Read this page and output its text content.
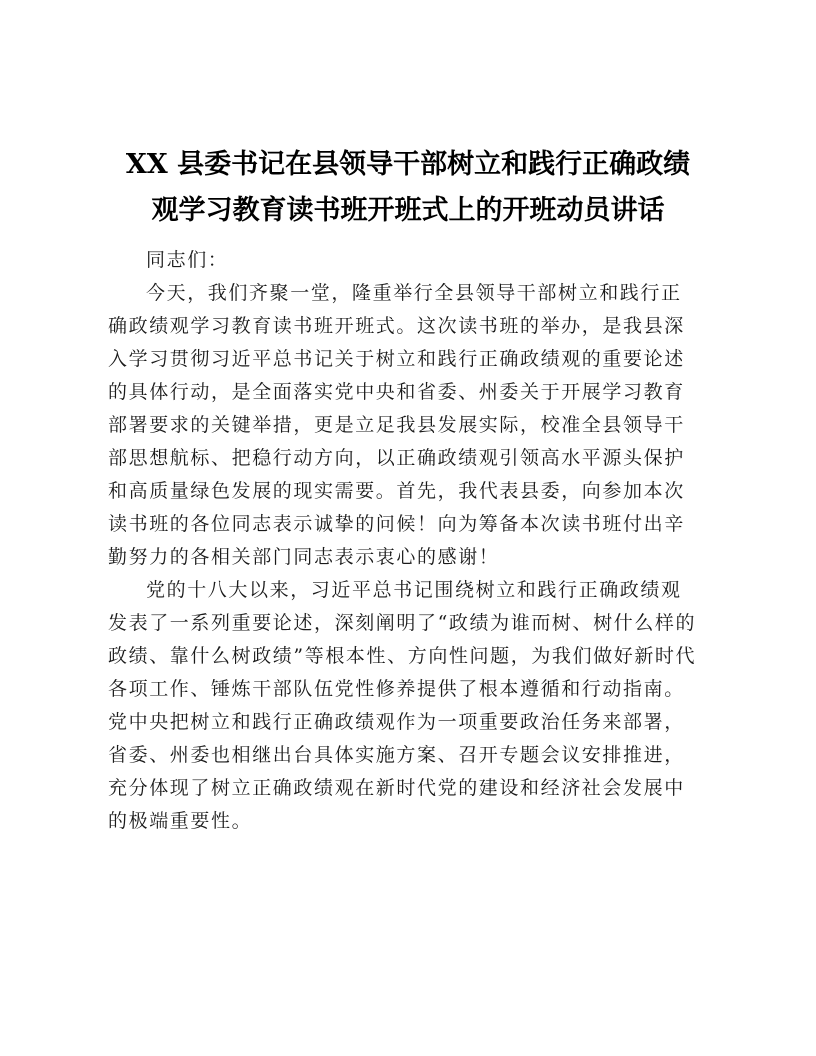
XX 县委书记在县领导干部树立和践行正确政绩
观学习教育读书班开班式上的开班动员讲话
同志们：
今天，我们齐聚一堂，隆重举行全县领导干部树立和践行正
确政绩观学习教育读书班开班式。这次读书班的举办，是我县深
入学习贯彻习近平总书记关于树立和践行正确政绩观的重要论述
的具体行动，是全面落实党中央和省委、州委关于开展学习教育
部署要求的关键举措，更是立足我县发展实际，校准全县领导干
部思想航标、把稳行动方向，以正确政绩观引领高水平源头保护
和高质量绿色发展的现实需要。首先，我代表县委，向参加本次
读书班的各位同志表示诚挚的问候！向为筹备本次读书班付出辛
勤努力的各相关部门同志表示衷心的感谢！
党的十八大以来，习近平总书记围绕树立和践行正确政绩观
发表了一系列重要论述，深刻阐明了“政绩为谁而树、树什么样的
政绩、靠什么树政绩”等根本性、方向性问题，为我们做好新时代
各项工作、锤炼干部队伍党性修养提供了根本遵循和行动指南。
党中央把树立和践行正确政绩观作为一项重要政治任务来部署，
省委、州委也相继出台具体实施方案、召开专题会议安排推进，
充分体现了树立正确政绩观在新时代党的建设和经济社会发展中
的极端重要性。
